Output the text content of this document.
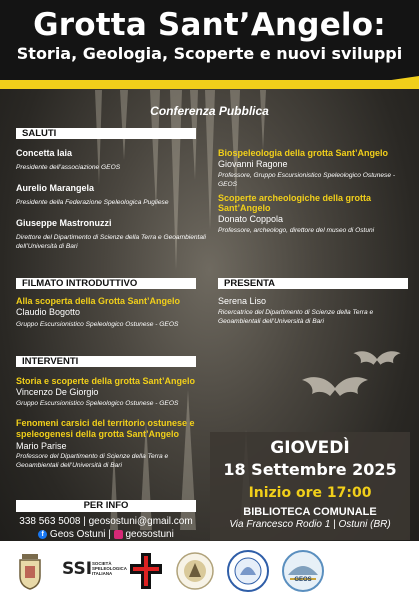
Grotta Sant’Angelo:
Storia, Geologia, Scoperte e nuovi sviluppi
Conferenza Pubblica
SALUTI
Concetta Iaia
Presidente dell’associazione GEOS
Aurelio Marangela
Presidente della Federazione Speleologica Pugliese
Giuseppe Mastronuzzi
Direttore del Dipartimento di Scienze della Terra e Geoambientali dell’Università di Bari
Biospeleologia della grotta Sant’Angelo
Giovanni Ragone
Professore, Gruppo Escursionistico Speleologico Ostunese - GEOS
Scoperte archeologiche della grotta Sant’Angelo
Donato Coppola
Professore, archeologo, direttore del museo di Ostuni
FILMATO INTRODUTTIVO
Alla scoperta della Grotta Sant’Angelo
Claudio Bogotto
Gruppo Escursionistico Speleologico Ostunese - GEOS
PRESENTA
Serena Liso
Ricercatrice del Dipartimento di Scienze della Terra e Geoambientali dell’Università di Bari
INTERVENTI
Storia e scoperte della grotta Sant’Angelo
Vincenzo De Giorgio
Gruppo Escursionistico Speleologico Ostunese - GEOS
Fenomeni carsici del territorio ostunese e speleogenesi della grotta Sant’Angelo
Mario Parise
Professore del Dipartimento di Scienze della Terra e Geoambientali dell’Università di Bari
GIOVEDÌ
18 Settembre 2025
Inizio ore 17:00
BIBLIOTECA COMUNALE
Via Francesco Rodio 1 | Ostuni (BR)
PER INFO
338 563 5008 | geosostuni@gmail.com
f Geos Ostuni |  geosostuni
SSI SOCIETÀ
SPELEOLOGICA
ITALIANA
GEOS
